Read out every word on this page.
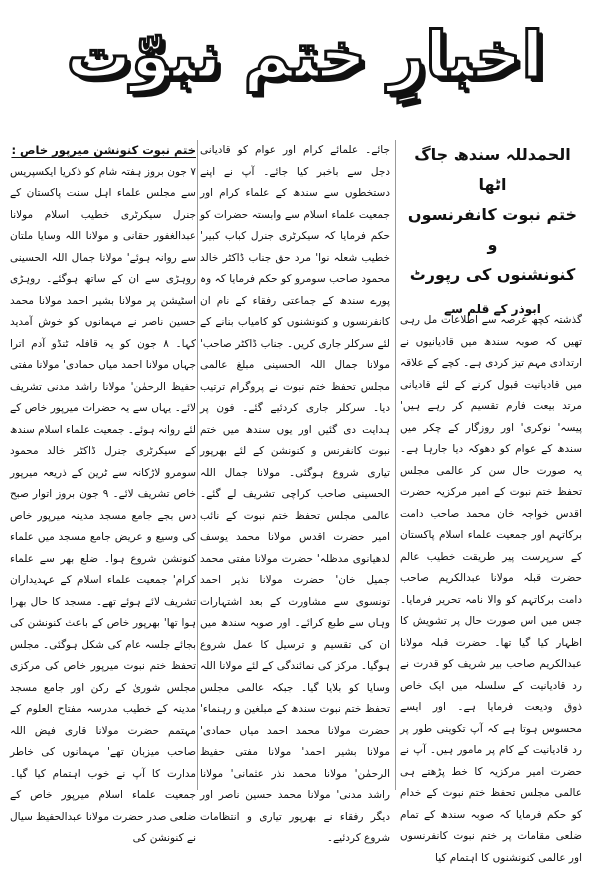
اخبارِ ختم نبوّت
الحمدللہ سندھ جاگ اٹھا
ختم نبوت کانفرنسوں و
کنونشنوں کی رپورٹ
ابوذر کے قلم سے

گذشتہ کچھ عرصہ سے اطلاعات مل رہی تھیں کہ صوبہ سندھ میں قادیانیوں نے ارتدادی مہم تیز کردی ہے۔ کچے کے علاقہ میں قادیانیت قبول کرنے کے لئے قادیانی مرتد بیعت فارم تقسیم کر رہے ہیں' پیسہ' نوکری' اور روزگار کے چکر میں سندھ کے عوام کو دھوکہ دیا جارہا ہے۔ یہ صورت حال سن کر عالمی مجلس تحفظ ختم نبوت کے امیر مرکزیہ حضرت اقدس خواجہ خان محمد صاحب دامت برکاتہم اور جمعیت علماء اسلام پاکستان کے سرپرست پیر طریقت خطیب عالم حضرت قبلہ مولانا عبدالکریم صاحب دامت برکاتہم کو والا نامہ تحریر فرمایا۔ جس میں اس صورت حال پر تشویش کا اظہار کیا گیا تھا۔ حضرت قبلہ مولانا عبدالکریم صاحب بیر شریف کو قدرت نے رد قادیانیت کے سلسلہ میں ایک خاص ذوق ودیعت فرمایا ہے۔ اور ایسے محسوس ہوتا ہے کہ آپ تکوینی طور پر رد قادیانیت کے کام پر مامور ہیں۔ آپ نے حضرت امیر مرکزیہ کا خط پڑھتے ہی عالمی مجلس تحفظ ختم نبوت کے خدام کو حکم فرمایا کہ صوبہ سندھ کے تمام ضلعی مقامات پر ختم نبوت کانفرنسوں اور عالمی کنونشنوں کا اہتمام کیا

جائے۔ علمائے کرام اور عوام کو قادیانی دجل سے باخبر کیا جائے۔ آپ نے اپنے دستخطوں سے سندھ کے علماء کرام اور جمعیت علماء اسلام سے وابستہ حضرات کو حکم فرمایا کہ سیکرٹری جنرل کباب کبیر' خطیب شعلہ نوا' مرد حق جناب ڈاکٹر خالد محمود صاحب سومرو کو حکم فرمایا کہ وہ پورے سندھ کے جماعتی رفقاء کے نام ان کانفرنسوں و کنونشنوں کو کامیاب بنانے کے لئے سرکلر جاری کریں۔ جناب ڈاکٹر صاحب' مولانا جمال اللہ الحسینی مبلغ عالمی مجلس تحفظ ختم نبوت نے پروگرام ترتیب دیا۔ سرکلر جاری کردئیے گئے۔ فون پر ہدایت دی گئیں اور یوں سندھ میں ختم نبوت کانفرنس و کنونشن کے لئے بھرپور تیاری شروع ہوگئی۔ مولانا جمال اللہ الحسینی صاحب کراچی تشریف لے گئے۔ عالمی مجلس تحفظ ختم نبوت کے نائب امیر حضرت اقدس مولانا محمد یوسف لدھیانوی مدظلہ' حضرت مولانا مفتی محمد جمیل خان' حضرت مولانا نذیر احمد تونسوی سے مشاورت کے بعد اشتہارات وہاں سے طبع کرائے۔ اور صوبہ سندھ میں ان کی تقسیم و ترسیل کا عمل شروع ہوگیا۔ مرکز کی نمائندگی کے لئے مولانا اللہ وسایا کو بلایا گیا۔ جبکہ عالمی مجلس تحفظ ختم نبوت سندھ کے مبلغین و رہنماء' حضرت مولانا محمد احمد میاں حمادی' مولانا بشیر احمد' مولانا مفتی حفیظ الرحمٰن' مولانا محمد نذر عثمانی' مولانا راشد مدنی' مولانا محمد حسین ناصر اور دیگر رفقاء نے بھرپور تیاری و انتظامات شروع کردئیے۔

ختم نبوت کنونشن میرپور خاص :

۷ جون بروز ہفتہ شام کو ذکریا ایکسپریس سے مجلس علماء اہل سنت پاکستان کے جنرل سیکرٹری خطیب اسلام مولانا عبدالغفور حقانی و مولانا اللہ وسایا ملتان سے روانہ ہوئے' مولانا جمال اللہ الحسینی روہڑی سے ان کے ساتھ ہوگئے۔ روہڑی اسٹیشن پر مولانا بشیر احمد مولانا محمد حسین ناصر نے مہمانوں کو خوش آمدید کہا۔ ۸ جون کو یہ قافلہ ٹنڈو آدم اترا جہاں مولانا احمد میاں حمادی' مولانا مفتی حفیظ الرحمٰن' مولانا راشد مدنی تشریف لائے۔ یہاں سے یہ حضرات میرپور خاص کے لئے روانہ ہوئے۔ جمعیت علماء اسلام سندھ کے سیکرٹری جنرل ڈاکٹر خالد محمود سومرو لاڑکانہ سے ٹرین کے ذریعہ میرپور خاص تشریف لائے۔ ۹ جون بروز اتوار صبح دس بجے جامع مسجد مدینہ میرپور خاص کی وسیع و عریض جامع مسجد میں علماء کنونشن شروع ہوا۔ ضلع بھر سے علماء کرام' جمعیت علماء اسلام کے عہدیداران تشریف لائے ہوئے تھے۔ مسجد کا حال بھرا ہوا تھا' بھرپور خاص کے باعث کنونشن کی بجائے جلسہ عام کی شکل ہوگئی۔ مجلس تحفظ ختم نبوت میرپور خاص کی مرکزی مجلس شوریٰ کے رکن اور جامع مسجد مدینہ کے خطیب مدرسہ مفتاح العلوم کے مہتمم حضرت مولانا قاری فیض اللہ صاحب میزبان تھے' مہمانوں کی خاطر مدارت کا آپ نے خوب اہتمام کیا گیا۔ جمعیت علماء اسلام میرپور خاص کے ضلعی صدر حضرت مولانا عبدالحفیظ سیال نے کنونشن کی
